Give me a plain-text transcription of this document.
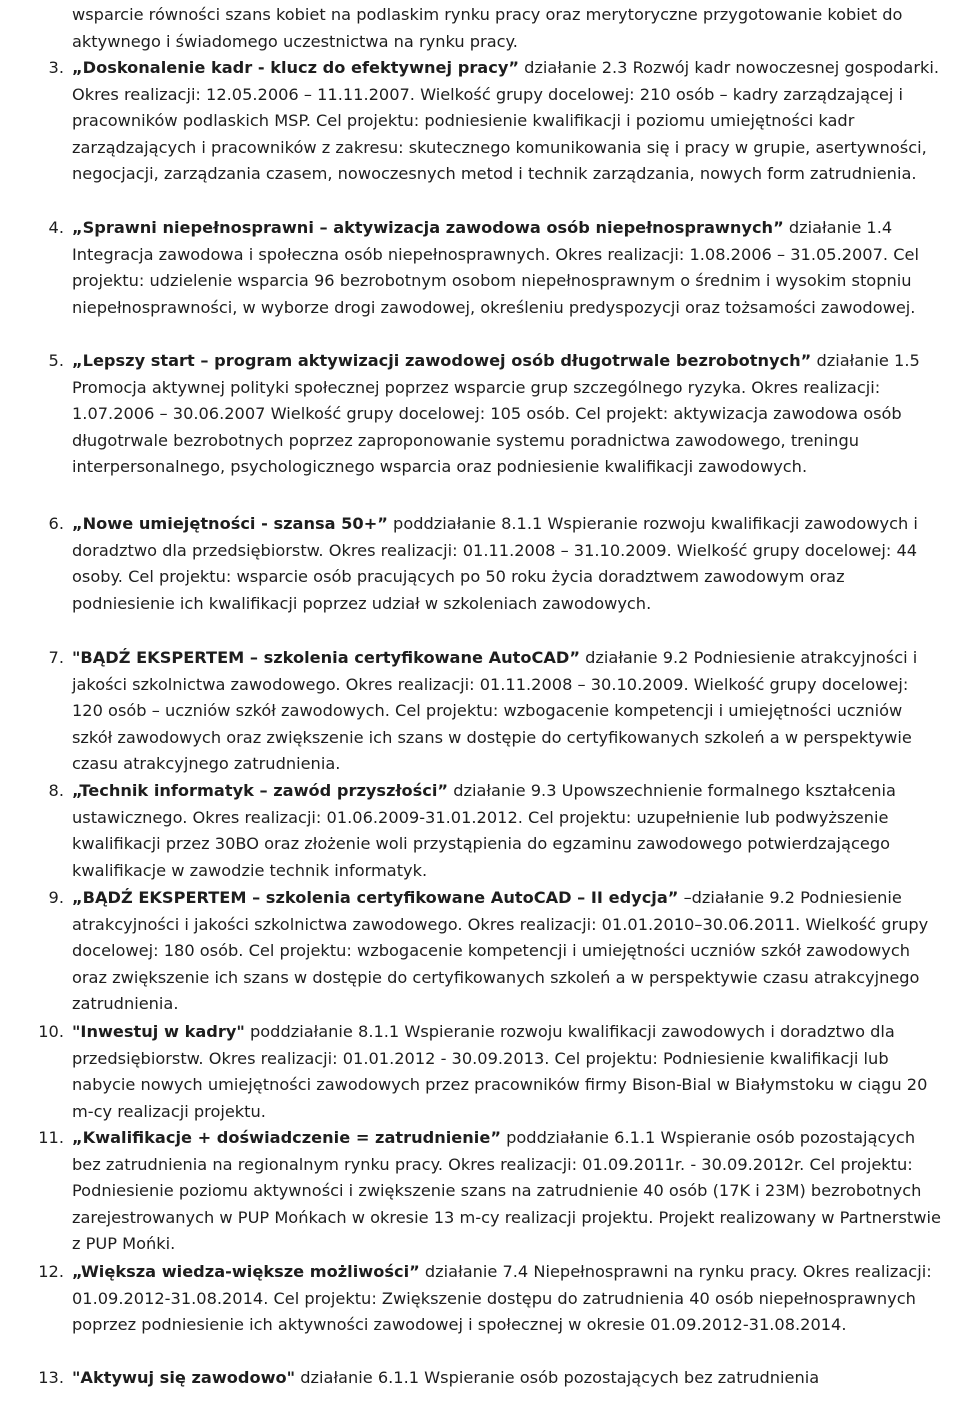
wsparcie równości szans kobiet na podlaskim rynku pracy oraz merytoryczne przygotowanie kobiet do aktywnego i świadomego uczestnictwa na rynku pracy.

3. „Doskonalenie kadr - klucz do efektywnej pracy” działanie 2.3 Rozwój kadr nowoczesnej gospodarki. Okres realizacji: 12.05.2006 – 11.11.2007. Wielkość grupy docelowej: 210 osób – kadry zarządzającej i pracowników podlaskich MSP. Cel projektu: podniesienie kwalifikacji i poziomu umiejętności kadr zarządzających i pracowników z zakresu: skutecznego komunikowania się i pracy w grupie, asertywności, negocjacji, zarządzania czasem, nowoczesnych metod i technik zarządzania, nowych form zatrudnienia.
4. „Sprawni niepełnosprawni – aktywizacja zawodowa osób niepełnosprawnych” działanie 1.4 Integracja zawodowa i społeczna osób niepełnosprawnych. Okres realizacji: 1.08.2006 – 31.05.2007. Cel projektu: udzielenie wsparcia 96 bezrobotnym osobom niepełnosprawnym o średnim i wysokim stopniu niepełnosprawności, w wyborze drogi zawodowej, określeniu predyspozycji oraz tożsamości zawodowej.
5. „Lepszy start – program aktywizacji zawodowej osób długotrwale bezrobotnych” działanie 1.5 Promocja aktywnej polityki społecznej poprzez wsparcie grup szczególnego ryzyka. Okres realizacji: 1.07.2006 – 30.06.2007 Wielkość grupy docelowej: 105 osób. Cel projekt: aktywizacja zawodowa osób długotrwale bezrobotnych poprzez zaproponowanie systemu poradnictwa zawodowego, treningu interpersonalnego, psychologicznego wsparcia oraz podniesienie kwalifikacji zawodowych.
6. „Nowe umiejętności - szansa 50+” poddziałanie 8.1.1 Wspieranie rozwoju kwalifikacji zawodowych i doradztwo dla przedsiębiorstw. Okres realizacji: 01.11.2008 – 31.10.2009. Wielkość grupy docelowej: 44 osoby. Cel projektu: wsparcie osób pracujących po 50 roku życia doradztwem zawodowym oraz podniesienie ich kwalifikacji poprzez udział w szkoleniach zawodowych.
7. "BĄDŹ EKSPERTEM – szkolenia certyfikowane AutoCAD” działanie 9.2 Podniesienie atrakcyjności i jakości szkolnictwa zawodowego. Okres realizacji: 01.11.2008 – 30.10.2009. Wielkość grupy docelowej: 120 osób – uczniów szkół zawodowych. Cel projektu: wzbogacenie kompetencji i umiejętności uczniów szkół zawodowych oraz zwiększenie ich szans w dostępie do certyfikowanych szkoleń a w perspektywie czasu atrakcyjnego zatrudnienia.
8. „Technik informatyk – zawód przyszłości” działanie 9.3 Upowszechnienie formalnego kształcenia ustawicznego. Okres realizacji: 01.06.2009-31.01.2012. Cel projektu: uzupełnienie lub podwyższenie kwalifikacji przez 30BO oraz złożenie woli przystąpienia do egzaminu zawodowego potwierdzającego kwalifikacje w zawodzie technik informatyk.
9. „BĄDŹ EKSPERTEM – szkolenia certyfikowane AutoCAD – II edycja” –działanie 9.2 Podniesienie atrakcyjności i jakości szkolnictwa zawodowego. Okres realizacji: 01.01.2010–30.06.2011. Wielkość grupy docelowej: 180 osób. Cel projektu: wzbogacenie kompetencji i umiejętności uczniów szkół zawodowych oraz zwiększenie ich szans w dostępie do certyfikowanych szkoleń a w perspektywie czasu atrakcyjnego zatrudnienia.
10. "Inwestuj w kadry" poddziałanie 8.1.1 Wspieranie rozwoju kwalifikacji zawodowych i doradztwo dla przedsiębiorstw. Okres realizacji: 01.01.2012 - 30.09.2013. Cel projektu: Podniesienie kwalifikacji lub nabycie nowych umiejętności zawodowych przez pracowników firmy Bison-Bial w Białymstoku w ciągu 20 m-cy realizacji projektu.
11. „Kwalifikacje + doświadczenie = zatrudnienie” poddziałanie 6.1.1 Wspieranie osób pozostających bez zatrudnienia na regionalnym rynku pracy. Okres realizacji: 01.09.2011r. - 30.09.2012r. Cel projektu: Podniesienie poziomu aktywności i zwiększenie szans na zatrudnienie 40 osób (17K i 23M) bezrobotnych zarejestrowanych w PUP Mońkach w okresie 13 m-cy realizacji projektu. Projekt realizowany w Partnerstwie z PUP Mońki.
12. „Większa wiedza-większe możliwości” działanie 7.4 Niepełnosprawni na rynku pracy. Okres realizacji: 01.09.2012-31.08.2014. Cel projektu: Zwiększenie dostępu do zatrudnienia 40 osób niepełnosprawnych poprzez podniesienie ich aktywności zawodowej i społecznej w okresie 01.09.2012-31.08.2014.
13. "Aktywuj się zawodowo" działanie 6.1.1 Wspieranie osób pozostających bez zatrudnienia
